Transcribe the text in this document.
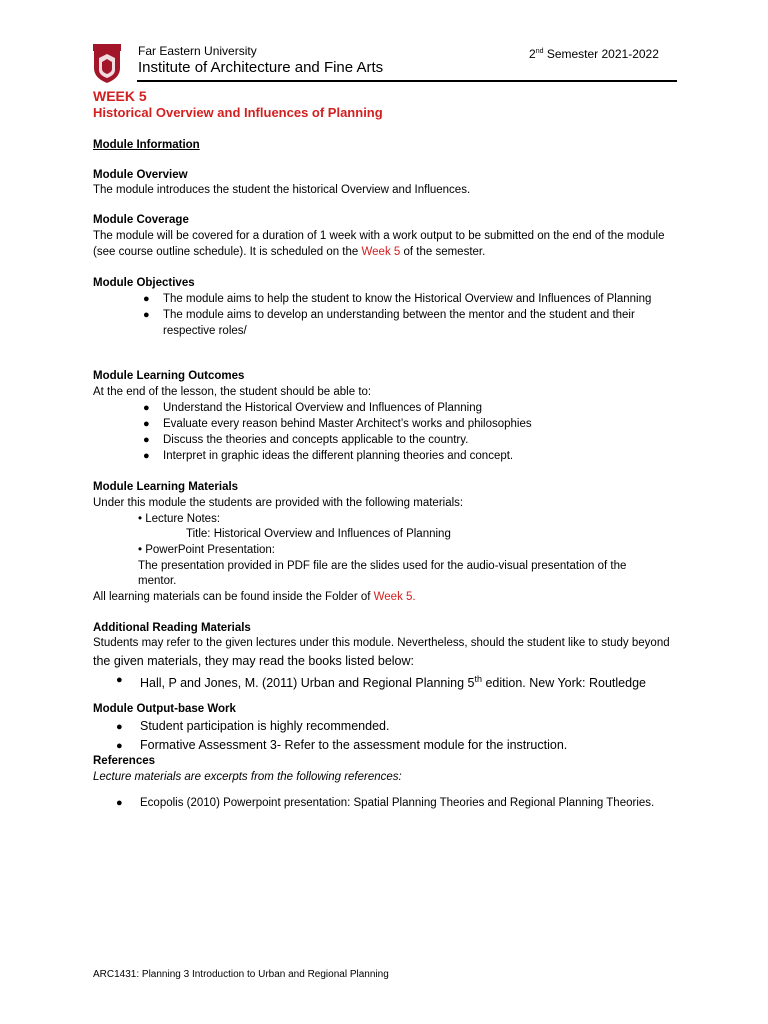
Far Eastern University
Institute of Architecture and Fine Arts
2nd Semester 2021-2022
WEEK 5
Historical Overview and Influences of Planning
Module Information
Module Overview
The module introduces the student the historical Overview and Influences.
Module Coverage
The module will be covered for a duration of 1 week with a work output to be submitted on the end of the module
(see course outline schedule). It is scheduled on the Week 5 of the semester.
Module Objectives
● The module aims to help the student to know the Historical Overview and Influences of Planning
● The module aims to develop an understanding between the mentor and the student and their
respective roles/
Module Learning Outcomes
At the end of the lesson, the student should be able to:
● Understand the Historical Overview and Influences of Planning
● Evaluate every reason behind Master Architect’s works and philosophies
● Discuss the theories and concepts applicable to the country.
● Interpret in graphic ideas the different planning theories and concept.
Module Learning Materials
Under this module the students are provided with the following materials:
• Lecture Notes:
Title: Historical Overview and Influences of Planning
• PowerPoint Presentation:
The presentation provided in PDF file are the slides used for the audio-visual presentation of the
mentor.
All learning materials can be found inside the Folder of Week 5.
Additional Reading Materials
Students may refer to the given lectures under this module. Nevertheless, should the student like to study beyond
the given materials, they may read the books listed below:
● Hall, P and Jones, M. (2011) Urban and Regional Planning 5th edition. New York: Routledge
Module Output-base Work
● Student participation is highly recommended.
● Formative Assessment 3- Refer to the assessment module for the instruction.
References
Lecture materials are excerpts from the following references:
● Ecopolis (2010) Powerpoint presentation: Spatial Planning Theories and Regional Planning Theories.
ARC1431: Planning 3 Introduction to Urban and Regional Planning
